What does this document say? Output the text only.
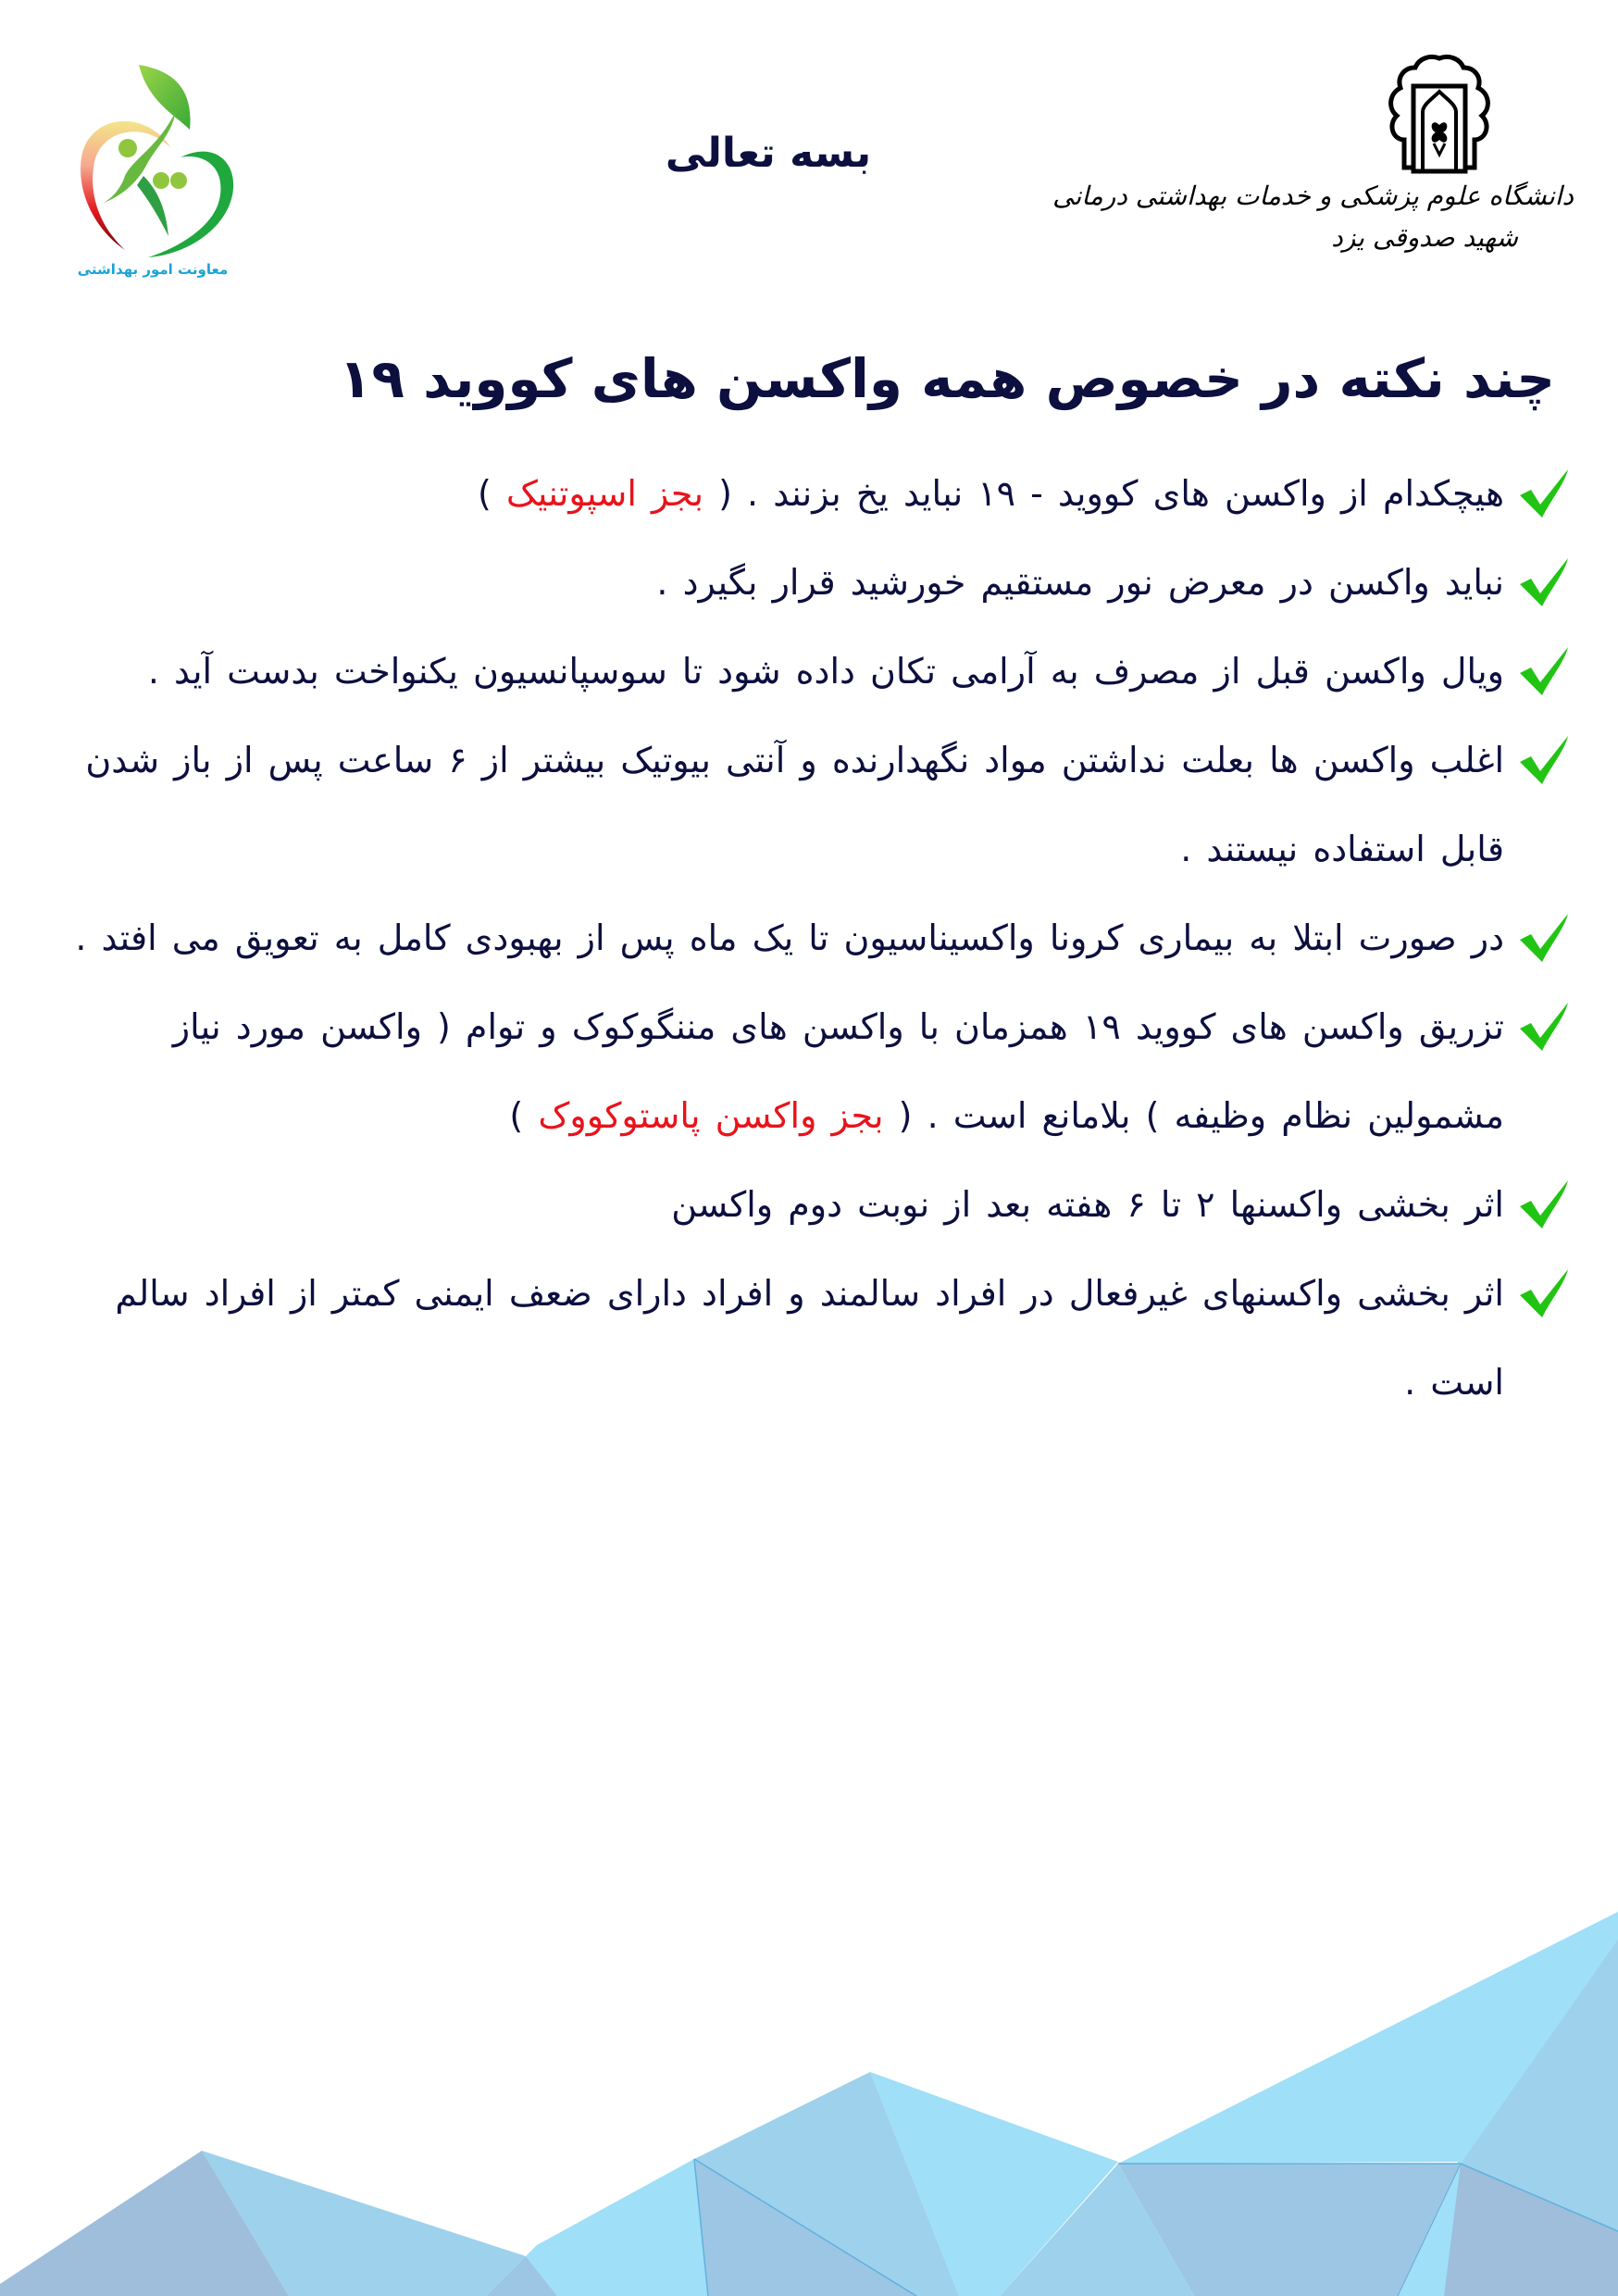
معاونت امور بهداشتی
دانشگاه علوم پزشکی و خدمات بهداشتی درمانی
شهید صدوقی یزد
بسه تعالی
چند نکته در خصوص همه واکسن های کووید ۱۹
هیچکدام از واکسن های کووید - ۱۹ نباید یخ بزنند . ( بجز اسپوتنیک )
نباید واکسن در معرض نور مستقیم خورشید قرار بگیرد .
ویال واکسن قبل از مصرف به آرامی تکان داده شود تا سوسپانسیون یکنواخت بدست آید .
اغلب واکسن ها بعلت نداشتن مواد نگهدارنده و آنتی بیوتیک بیشتر از ۶ ساعت پس از باز شدن قابل استفاده نیستند .
در صورت ابتلا به بیماری کرونا واکسیناسیون تا یک ماه پس از بهبودی کامل به تعویق می افتد .
تزریق واکسن های کووید ۱۹ همزمان با واکسن های مننگوکوک و توام ( واکسن مورد نیاز مشمولین نظام وظیفه ) بلامانع است . ( بجز واکسن پاستوکووک )
اثر بخشی واکسنها ۲ تا ۶ هفته بعد از نوبت دوم واکسن
اثر بخشی واکسنهای غیرفعال در افراد سالمند و افراد دارای ضعف ایمنی کمتر از افراد سالم است .
